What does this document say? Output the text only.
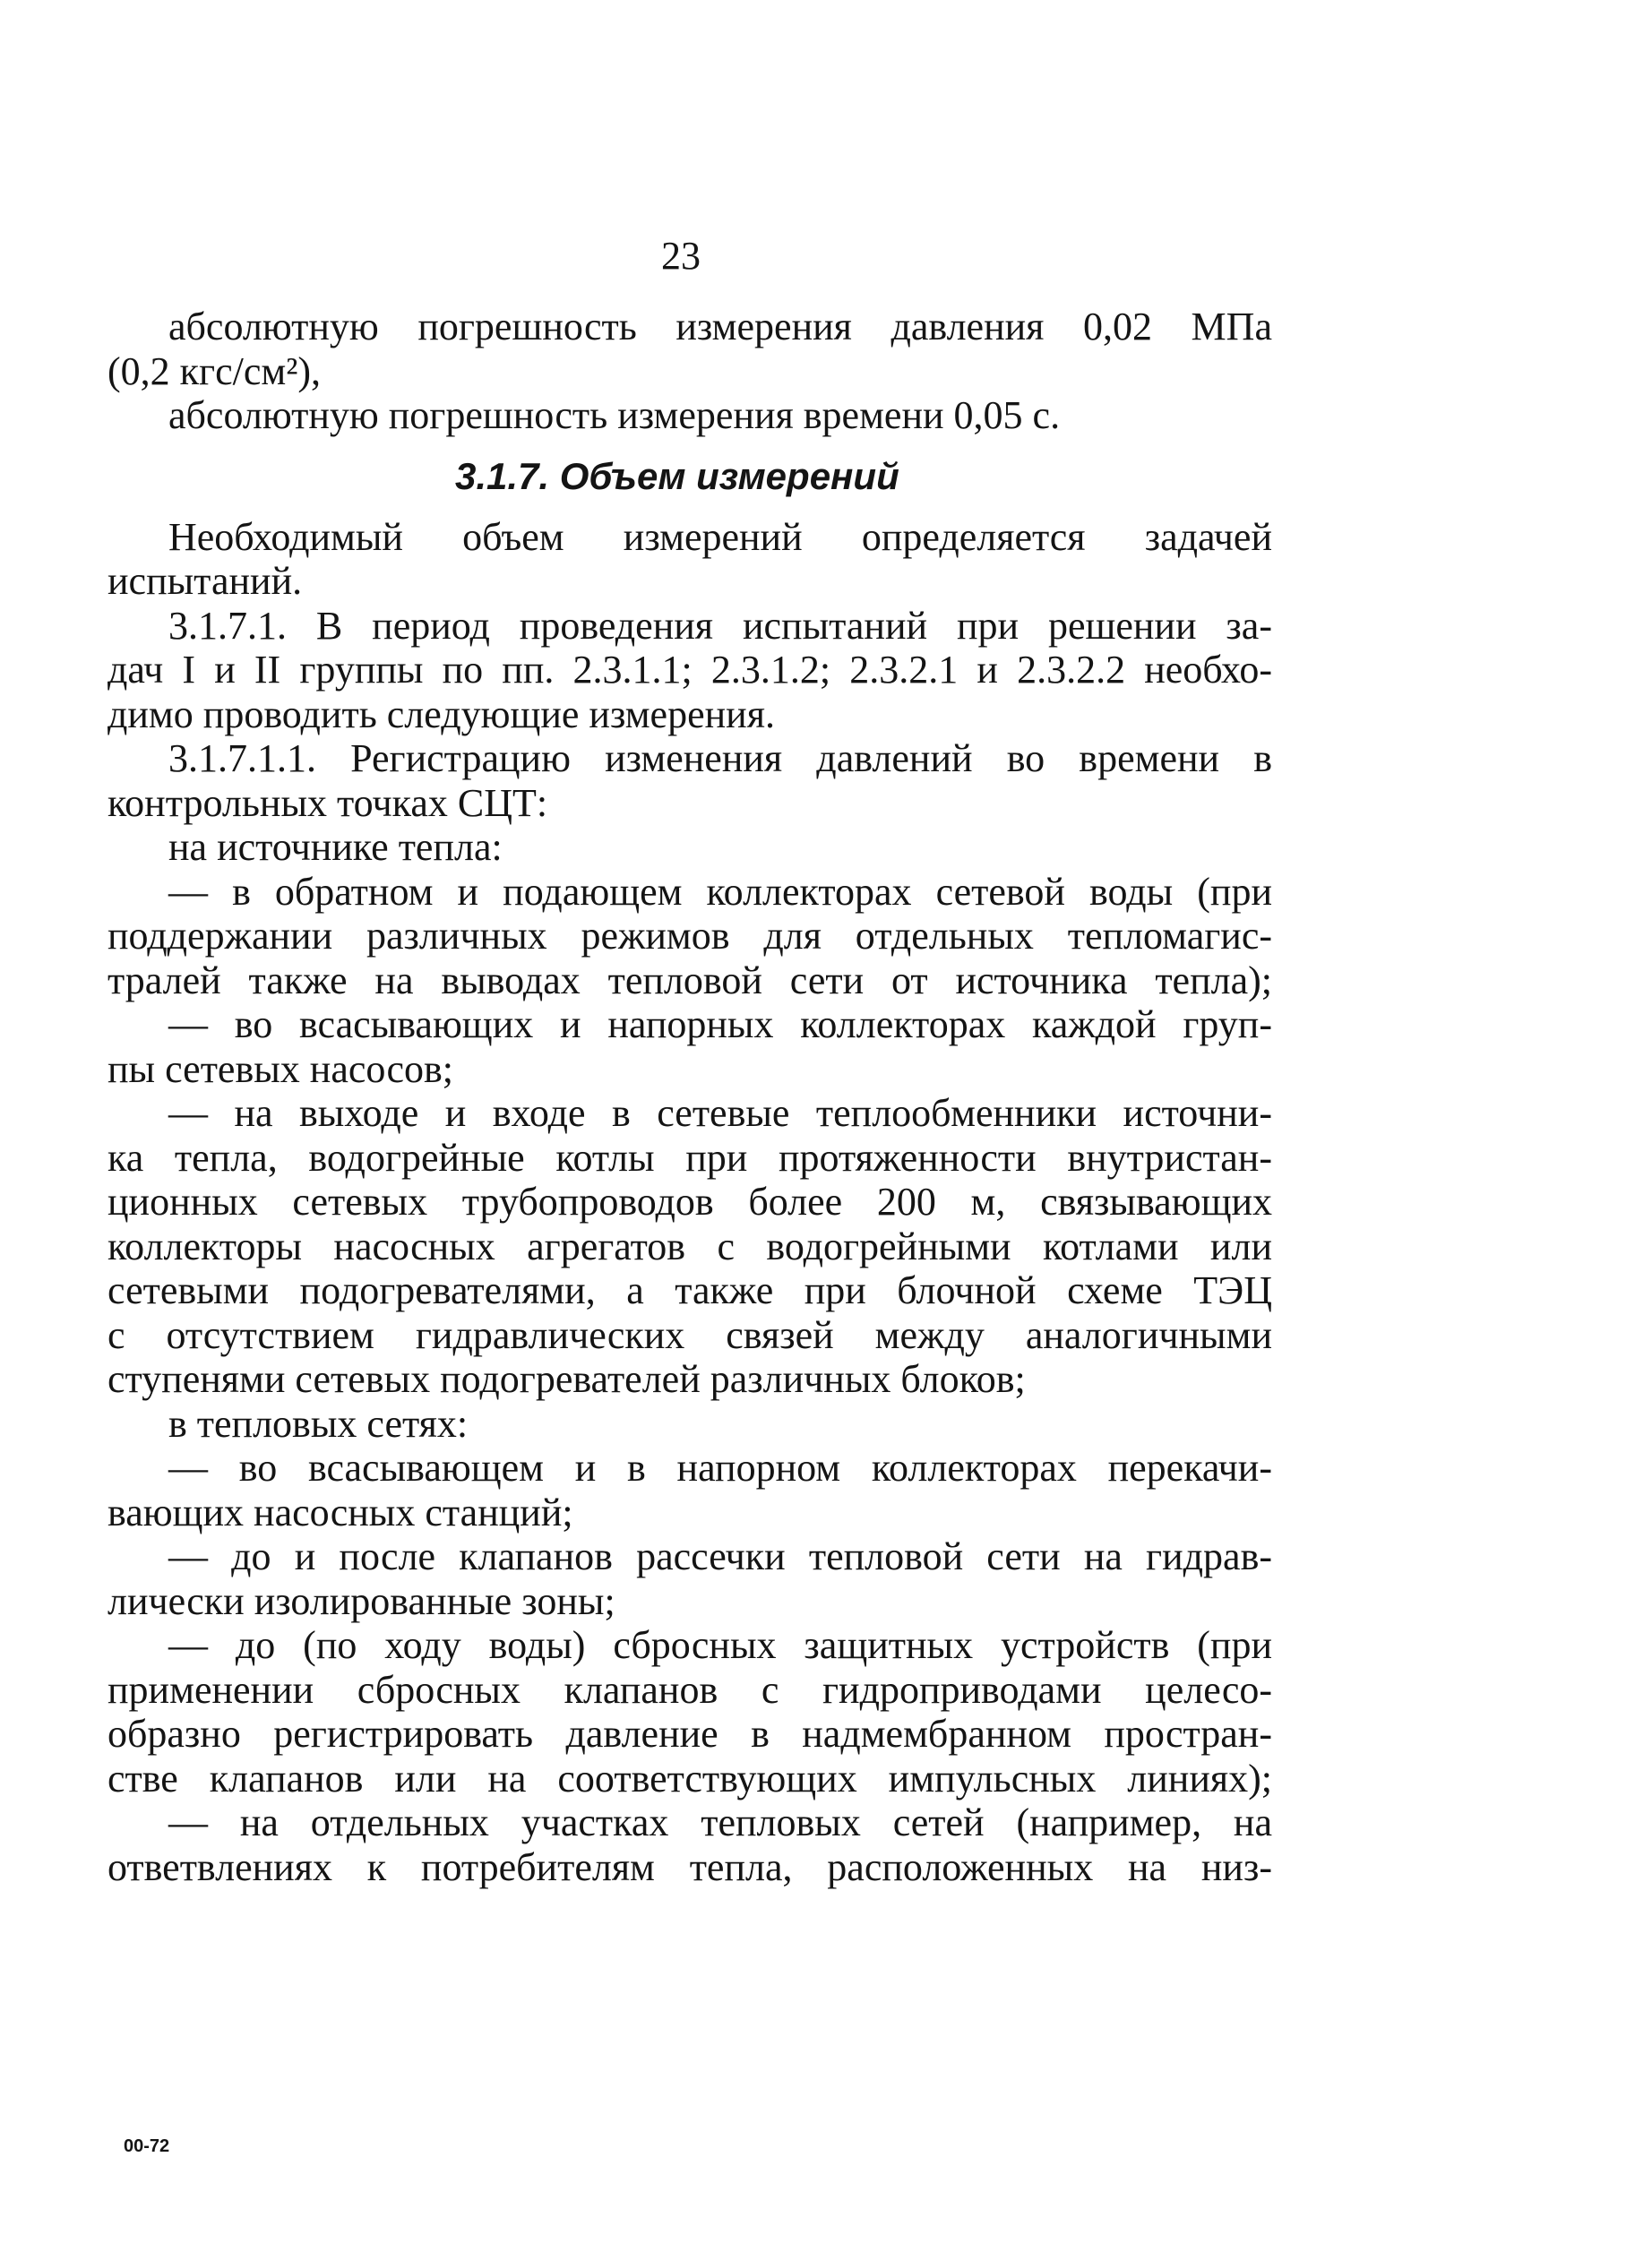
23
абсолютную погрешность измерения давления 0,02 МПа
(0,2 кгс/см²),
абсолютную погрешность измерения времени 0,05 с.
3.1.7. Объем измерений
Необходимый объем измерений определяется задачей
испытаний.
3.1.7.1. В период проведения испытаний при решении за-
дач I и II группы по пп. 2.3.1.1; 2.3.1.2; 2.3.2.1 и 2.3.2.2 необхо-
димо проводить следующие измерения.
3.1.7.1.1. Регистрацию изменения давлений во времени в
контрольных точках СЦТ:
на источнике тепла:
— в обратном и подающем коллекторах сетевой воды (при
поддержании различных режимов для отдельных тепломагис-
тралей также на выводах тепловой сети от источника тепла);
— во всасывающих и напорных коллекторах каждой груп-
пы сетевых насосов;
— на выходе и входе в сетевые теплообменники источни-
ка тепла, водогрейные котлы при протяженности внутристан-
ционных сетевых трубопроводов более 200 м, связывающих
коллекторы насосных агрегатов с водогрейными котлами или
сетевыми подогревателями, а также при блочной схеме ТЭЦ
с отсутствием гидравлических связей между аналогичными
ступенями сетевых подогревателей различных блоков;
в тепловых сетях:
— во всасывающем и в напорном коллекторах перекачи-
вающих насосных станций;
— до и после клапанов рассечки тепловой сети на гидрав-
лически изолированные зоны;
— до (по ходу воды) сбросных защитных устройств (при
применении сбросных клапанов с гидроприводами целесо-
образно регистрировать давление в надмембранном простран-
стве клапанов или на соответствующих импульсных линиях);
— на отдельных участках тепловых сетей (например, на
ответвлениях к потребителям тепла, расположенных на низ-
00-72
